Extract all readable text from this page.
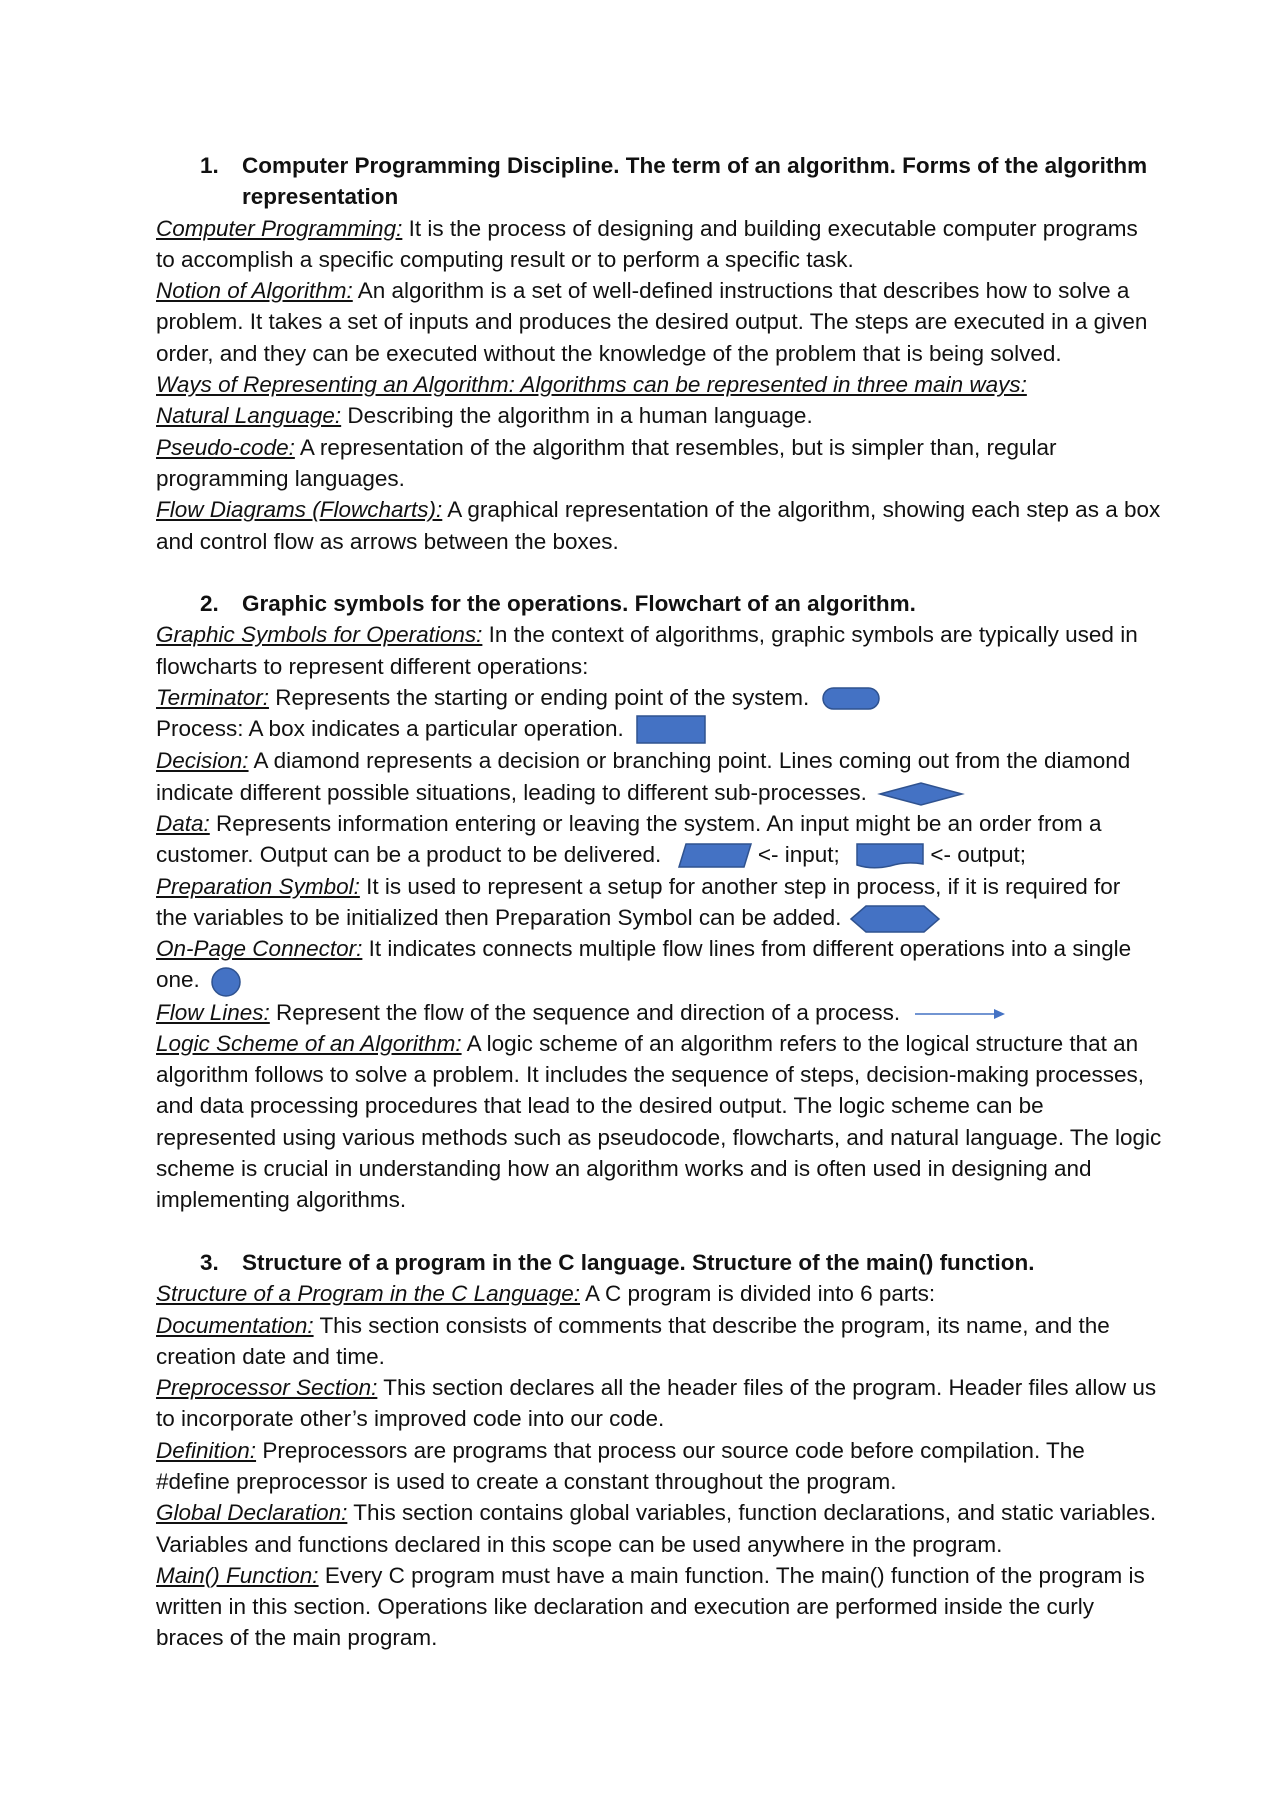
1. Computer Programming Discipline. The term of an algorithm. Forms of the algorithm
representation
Computer Programming: It is the process of designing and building executable computer programs
to accomplish a specific computing result or to perform a specific task.
Notion of Algorithm: An algorithm is a set of well-defined instructions that describes how to solve a
problem. It takes a set of inputs and produces the desired output. The steps are executed in a given
order, and they can be executed without the knowledge of the problem that is being solved.
Ways of Representing an Algorithm: Algorithms can be represented in three main ways:
Natural Language: Describing the algorithm in a human language.
Pseudo-code: A representation of the algorithm that resembles, but is simpler than, regular
programming languages.
Flow Diagrams (Flowcharts): A graphical representation of the algorithm, showing each step as a box
and control flow as arrows between the boxes.
2. Graphic symbols for the operations. Flowchart of an algorithm.
Graphic Symbols for Operations: In the context of algorithms, graphic symbols are typically used in
flowcharts to represent different operations:
Terminator: Represents the starting or ending point of the system.
Process: A box indicates a particular operation.
Decision: A diamond represents a decision or branching point. Lines coming out from the diamond
indicate different possible situations, leading to different sub-processes.
Data: Represents information entering or leaving the system. An input might be an order from a
customer. Output can be a product to be delivered.	<- input;	<- output;
Preparation Symbol: It is used to represent a setup for another step in process, if it is required for
the variables to be initialized then Preparation Symbol can be added.
On-Page Connector: It indicates connects multiple flow lines from different operations into a single
one.
Flow Lines: Represent the flow of the sequence and direction of a process.
Logic Scheme of an Algorithm: A logic scheme of an algorithm refers to the logical structure that an
algorithm follows to solve a problem. It includes the sequence of steps, decision-making processes,
and data processing procedures that lead to the desired output. The logic scheme can be
represented using various methods such as pseudocode, flowcharts, and natural language. The logic
scheme is crucial in understanding how an algorithm works and is often used in designing and
implementing algorithms.
3. Structure of a program in the C language. Structure of the main() function.
Structure of a Program in the C Language: A C program is divided into 6 parts:
Documentation: This section consists of comments that describe the program, its name, and the
creation date and time.
Preprocessor Section: This section declares all the header files of the program. Header files allow us
to incorporate other’s improved code into our code.
Definition: Preprocessors are programs that process our source code before compilation. The
#define preprocessor is used to create a constant throughout the program.
Global Declaration: This section contains global variables, function declarations, and static variables.
Variables and functions declared in this scope can be used anywhere in the program.
Main() Function: Every C program must have a main function. The main() function of the program is
written in this section. Operations like declaration and execution are performed inside the curly
braces of the main program.
